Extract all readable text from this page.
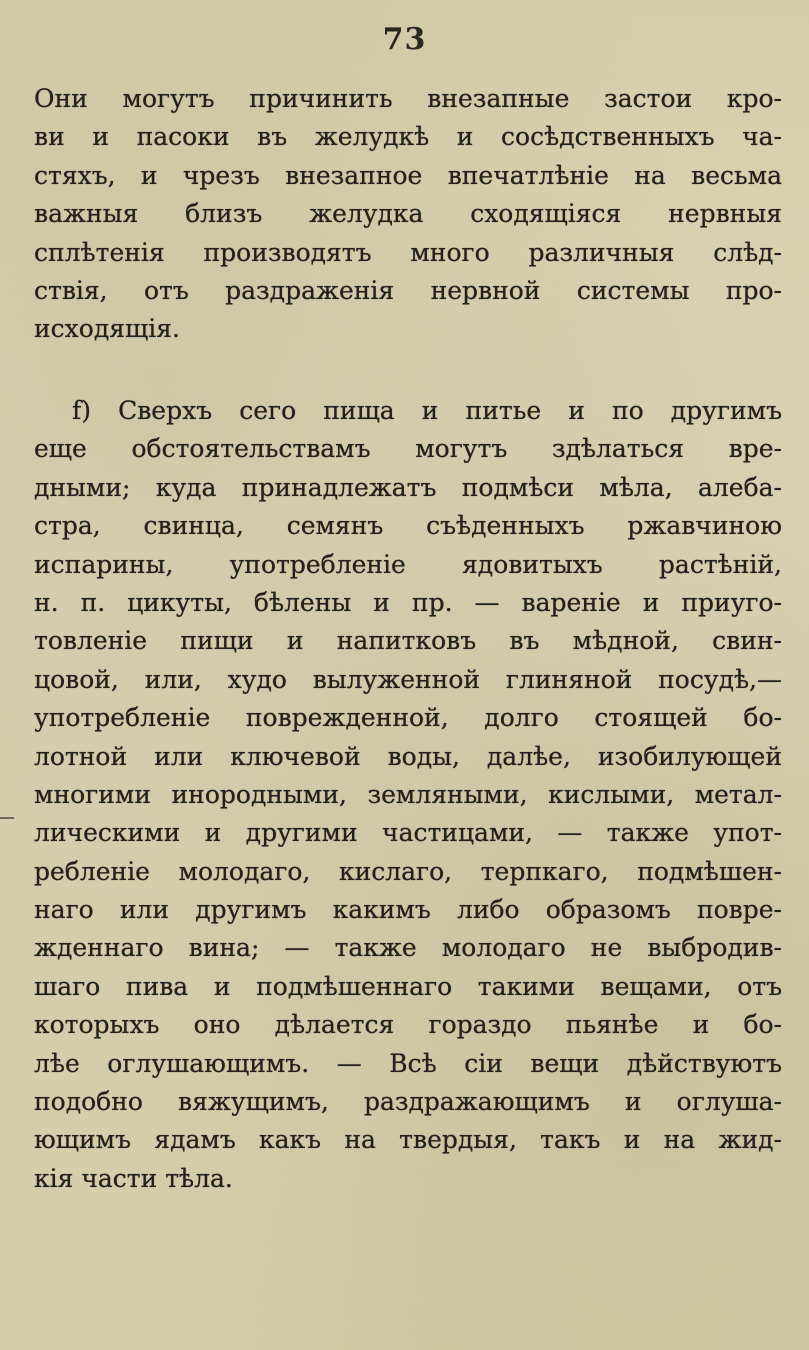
73
Они могутъ причинить внезапные застои кро-
ви и пасоки въ желудкѣ и сосѣдственныхъ ча-
стяхъ, и чрезъ внезапное впечатлѣніе на весьма
важныя близъ желудка сходящіяся нервныя
сплѣтенія производятъ много различныя слѣд-
ствія, отъ раздраженія нервной системы про-
исходящія.
f) Сверхъ сего пища и питье и по другимъ
еще обстоятельствамъ могутъ здѣлаться вре-
дными; куда принадлежатъ подмѣси мѣла, алеба-
стра, свинца, семянъ съѣденныхъ ржавчиною
испарины, употребленіе ядовитыхъ растѣній,
н. п. цикуты, бѣлены и пр. — вареніе и приуго-
товленіе пищи и напитковъ въ мѣдной, свин-
цовой, или, худо вылуженной глиняной посудѣ,—
употребленіе поврежденной, долго стоящей бо-
лотной или ключевой воды, далѣе, изобилующей
многими инородными, земляными, кислыми, метал-
лическими и другими частицами, — также упот-
ребленіе молодаго, кислаго, терпкаго, подмѣшен-
наго или другимъ какимъ либо образомъ повре-
жденнаго вина; — также молодаго не выбродив-
шаго пива и подмѣшеннаго такими вещами, отъ
которыхъ оно дѣлается гораздо пьянѣе и бо-
лѣе оглушающимъ. — Всѣ сіи вещи дѣйствуютъ
подобно вяжущимъ, раздражающимъ и оглуша-
ющимъ ядамъ какъ на твердыя, такъ и на жид-
кія части тѣла.
